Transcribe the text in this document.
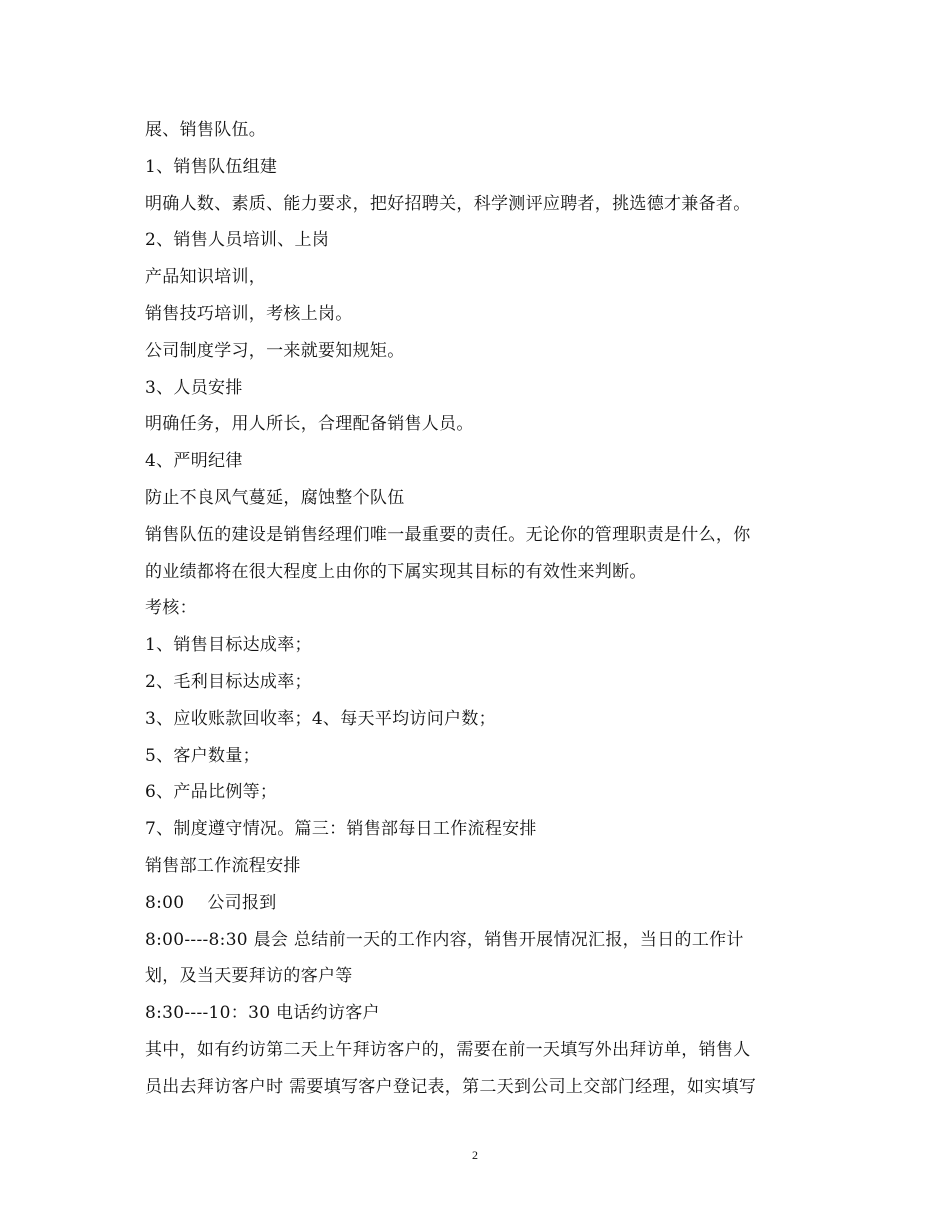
展、销售队伍。
1、销售队伍组建
明确人数、素质、能力要求，把好招聘关，科学测评应聘者，挑选德才兼备者。
2、销售人员培训、上岗
产品知识培训，
销售技巧培训，考核上岗。
公司制度学习，一来就要知规矩。
3、人员安排
明确任务，用人所长，合理配备销售人员。
4、严明纪律
防止不良风气蔓延，腐蚀整个队伍
销售队伍的建设是销售经理们唯一最重要的责任。无论你的管理职责是什么，你
的业绩都将在很大程度上由你的下属实现其目标的有效性来判断。
考核：
1、销售目标达成率；
2、毛利目标达成率；
3、应收账款回收率；4、每天平均访问户数；
5、客户数量；
6、产品比例等；
7、制度遵守情况。篇三：销售部每日工作流程安排
销售部工作流程安排
8:00　 公司报到
8:00----8:30 晨会 总结前一天的工作内容，销售开展情况汇报，当日的工作计
划，及当天要拜访的客户等
8:30----10：30 电话约访客户
其中，如有约访第二天上午拜访客户的，需要在前一天填写外出拜访单，销售人
员出去拜访客户时 需要填写客户登记表，第二天到公司上交部门经理，如实填写
2
